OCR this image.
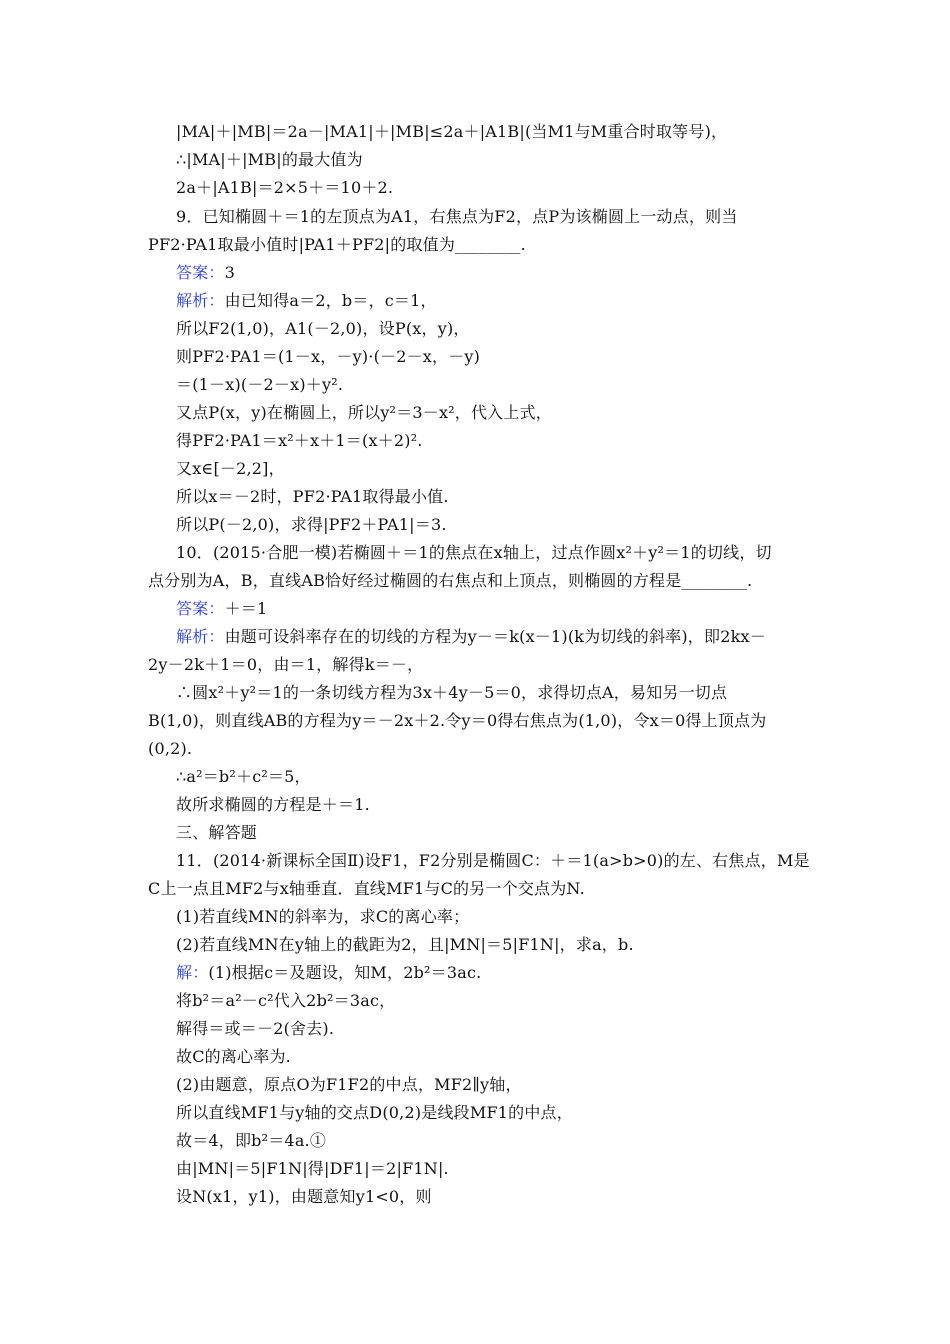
|MA|＋|MB|＝2a－|MA1|＋|MB|≤2a＋|A1B|(当M1与M重合时取等号)，

∴|MA|＋|MB|的最大值为

2a＋|A1B|＝2×5＋＝10＋2.

9．已知椭圆＋＝1的左顶点为A1，右焦点为F2，点P为该椭圆上一动点，则当

PF2·PA1取最小值时|PA1＋PF2|的取值为________.

答案：3

解析：由已知得a＝2，b＝，c＝1，

所以F2(1,0)，A1(－2,0)，设P(x，y)，

则PF2·PA1＝(1－x，－y)·(－2－x，－y)

＝(1－x)(－2－x)＋y².

又点P(x，y)在椭圆上，所以y²＝3－x²，代入上式，

得PF2·PA1＝x²＋x＋1＝(x＋2)².

又x∈[－2,2]，

所以x＝－2时，PF2·PA1取得最小值.

所以P(－2,0)，求得|PF2＋PA1|＝3.

10．(2015·合肥一模)若椭圆＋＝1的焦点在x轴上，过点作圆x²＋y²＝1的切线，切

点分别为A，B，直线AB恰好经过椭圆的右焦点和上顶点，则椭圆的方程是________.

答案：＋＝1

解析：由题可设斜率存在的切线的方程为y－＝k(x－1)(k为切线的斜率)，即2kx－

2y－2k＋1＝0，由＝1，解得k＝－，

∴圆x²＋y²＝1的一条切线方程为3x＋4y－5＝0，求得切点A，易知另一切点

B(1,0)，则直线AB的方程为y＝－2x＋2.令y＝0得右焦点为(1,0)，令x＝0得上顶点为

(0,2).

∴a²＝b²＋c²＝5，

故所求椭圆的方程是＋＝1.

三、解答题

11．(2014·新课标全国Ⅱ)设F1，F2分别是椭圆C：＋＝1(a>b>0)的左、右焦点，M是

C上一点且MF2与x轴垂直．直线MF1与C的另一个交点为N.

(1)若直线MN的斜率为，求C的离心率；

(2)若直线MN在y轴上的截距为2，且|MN|＝5|F1N|，求a，b.

解：(1)根据c＝及题设，知M，2b²＝3ac.

将b²＝a²－c²代入2b²＝3ac，

解得＝或＝－2(舍去).

故C的离心率为.

(2)由题意，原点O为F1F2的中点，MF2∥y轴，

所以直线MF1与y轴的交点D(0,2)是线段MF1的中点，

故＝4，即b²＝4a.①

由|MN|＝5|F1N|得|DF1|＝2|F1N|.

设N(x1，y1)，由题意知y1<0，则
